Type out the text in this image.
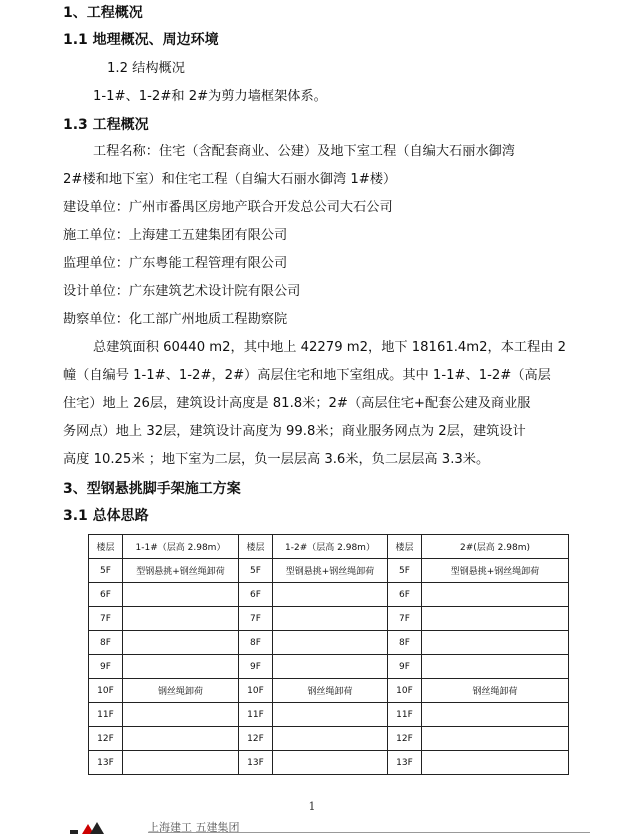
1、工程概况
1.1 地理概况、周边环境
1.2 结构概况
1-1#、1-2#和 2#为剪力墙框架体系。
1.3 工程概况
工程名称：住宅（含配套商业、公建）及地下室工程（自编大石丽水御湾
2#楼和地下室）和住宅工程（自编大石丽水御湾 1#楼）
建设单位：广州市番禺区房地产联合开发总公司大石公司
施工单位：上海建工五建集团有限公司
监理单位：广东粤能工程管理有限公司
设计单位：广东建筑艺术设计院有限公司
勘察单位：化工部广州地质工程勘察院
总建筑面积 60440 m2，其中地上 42279 m2，地下 18161.4m2，本工程由 2
幢（自编号 1-1#、1-2#，2#）高层住宅和地下室组成。其中 1-1#、1-2#（高层
住宅）地上 26层，建筑设计高度是 81.8米；2#（高层住宅+配套公建及商业服
务网点）地上 32层，建筑设计高度为 99.8米；商业服务网点为 2层，建筑设计
高度 10.25米 ；地下室为二层，负一层层高 3.6米，负二层层高 3.3米。
3、型钢悬挑脚手架施工方案
3.1 总体思路
楼层	1-1#（层高 2.98m）	楼层	1-2#（层高 2.98m）	楼层	2#(层高 2.98m)
5F	型钢悬挑+钢丝绳卸荷	5F	型钢悬挑+钢丝绳卸荷	5F	型钢悬挑+钢丝绳卸荷
6F		6F		6F	
7F		7F		7F	
8F		8F		8F	
9F		9F		9F	
10F	钢丝绳卸荷	10F	钢丝绳卸荷	10F	钢丝绳卸荷
11F		11F		11F	
12F		12F		12F	
13F		13F		13F	
1
上海建工 五建集团
